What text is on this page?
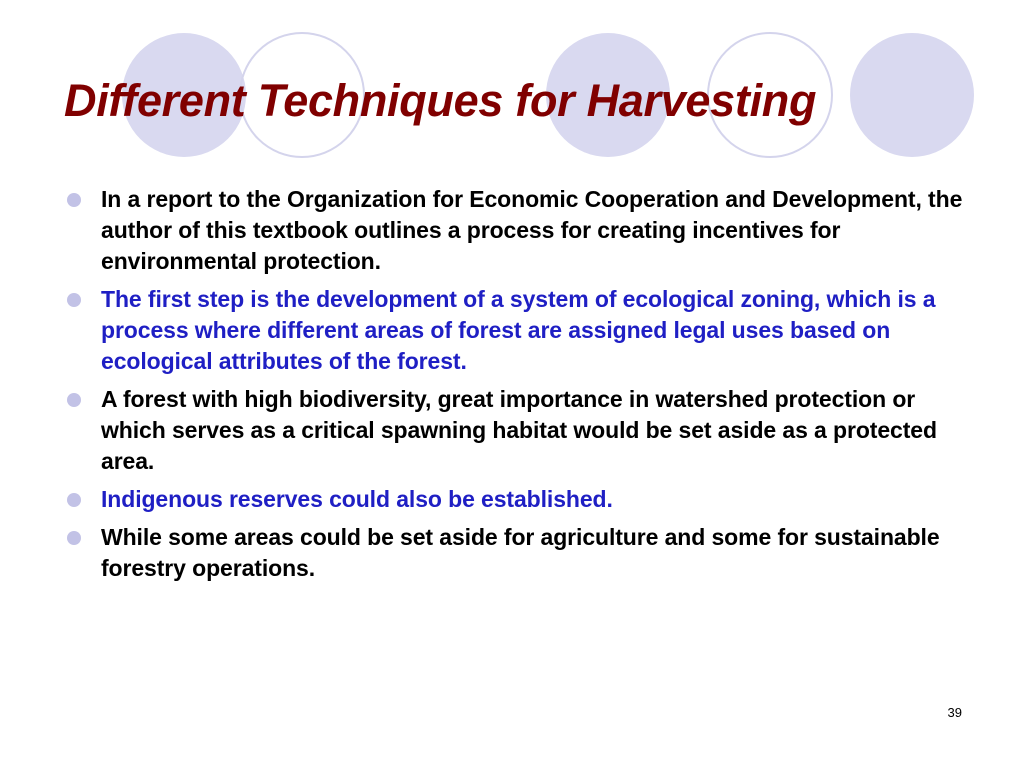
Different Techniques for Harvesting
In a report to the Organization for Economic Cooperation and Development, the author of this textbook outlines a process for creating incentives for environmental protection.
The first step is the development of a system of ecological zoning, which is a process where different areas of forest are assigned legal uses based on ecological attributes of the forest.
A forest with high biodiversity, great importance in watershed protection or which serves as a critical spawning habitat would be set aside as a protected area.
Indigenous reserves could also be established.
While some areas could be set aside for agriculture and some for sustainable forestry operations.
39
